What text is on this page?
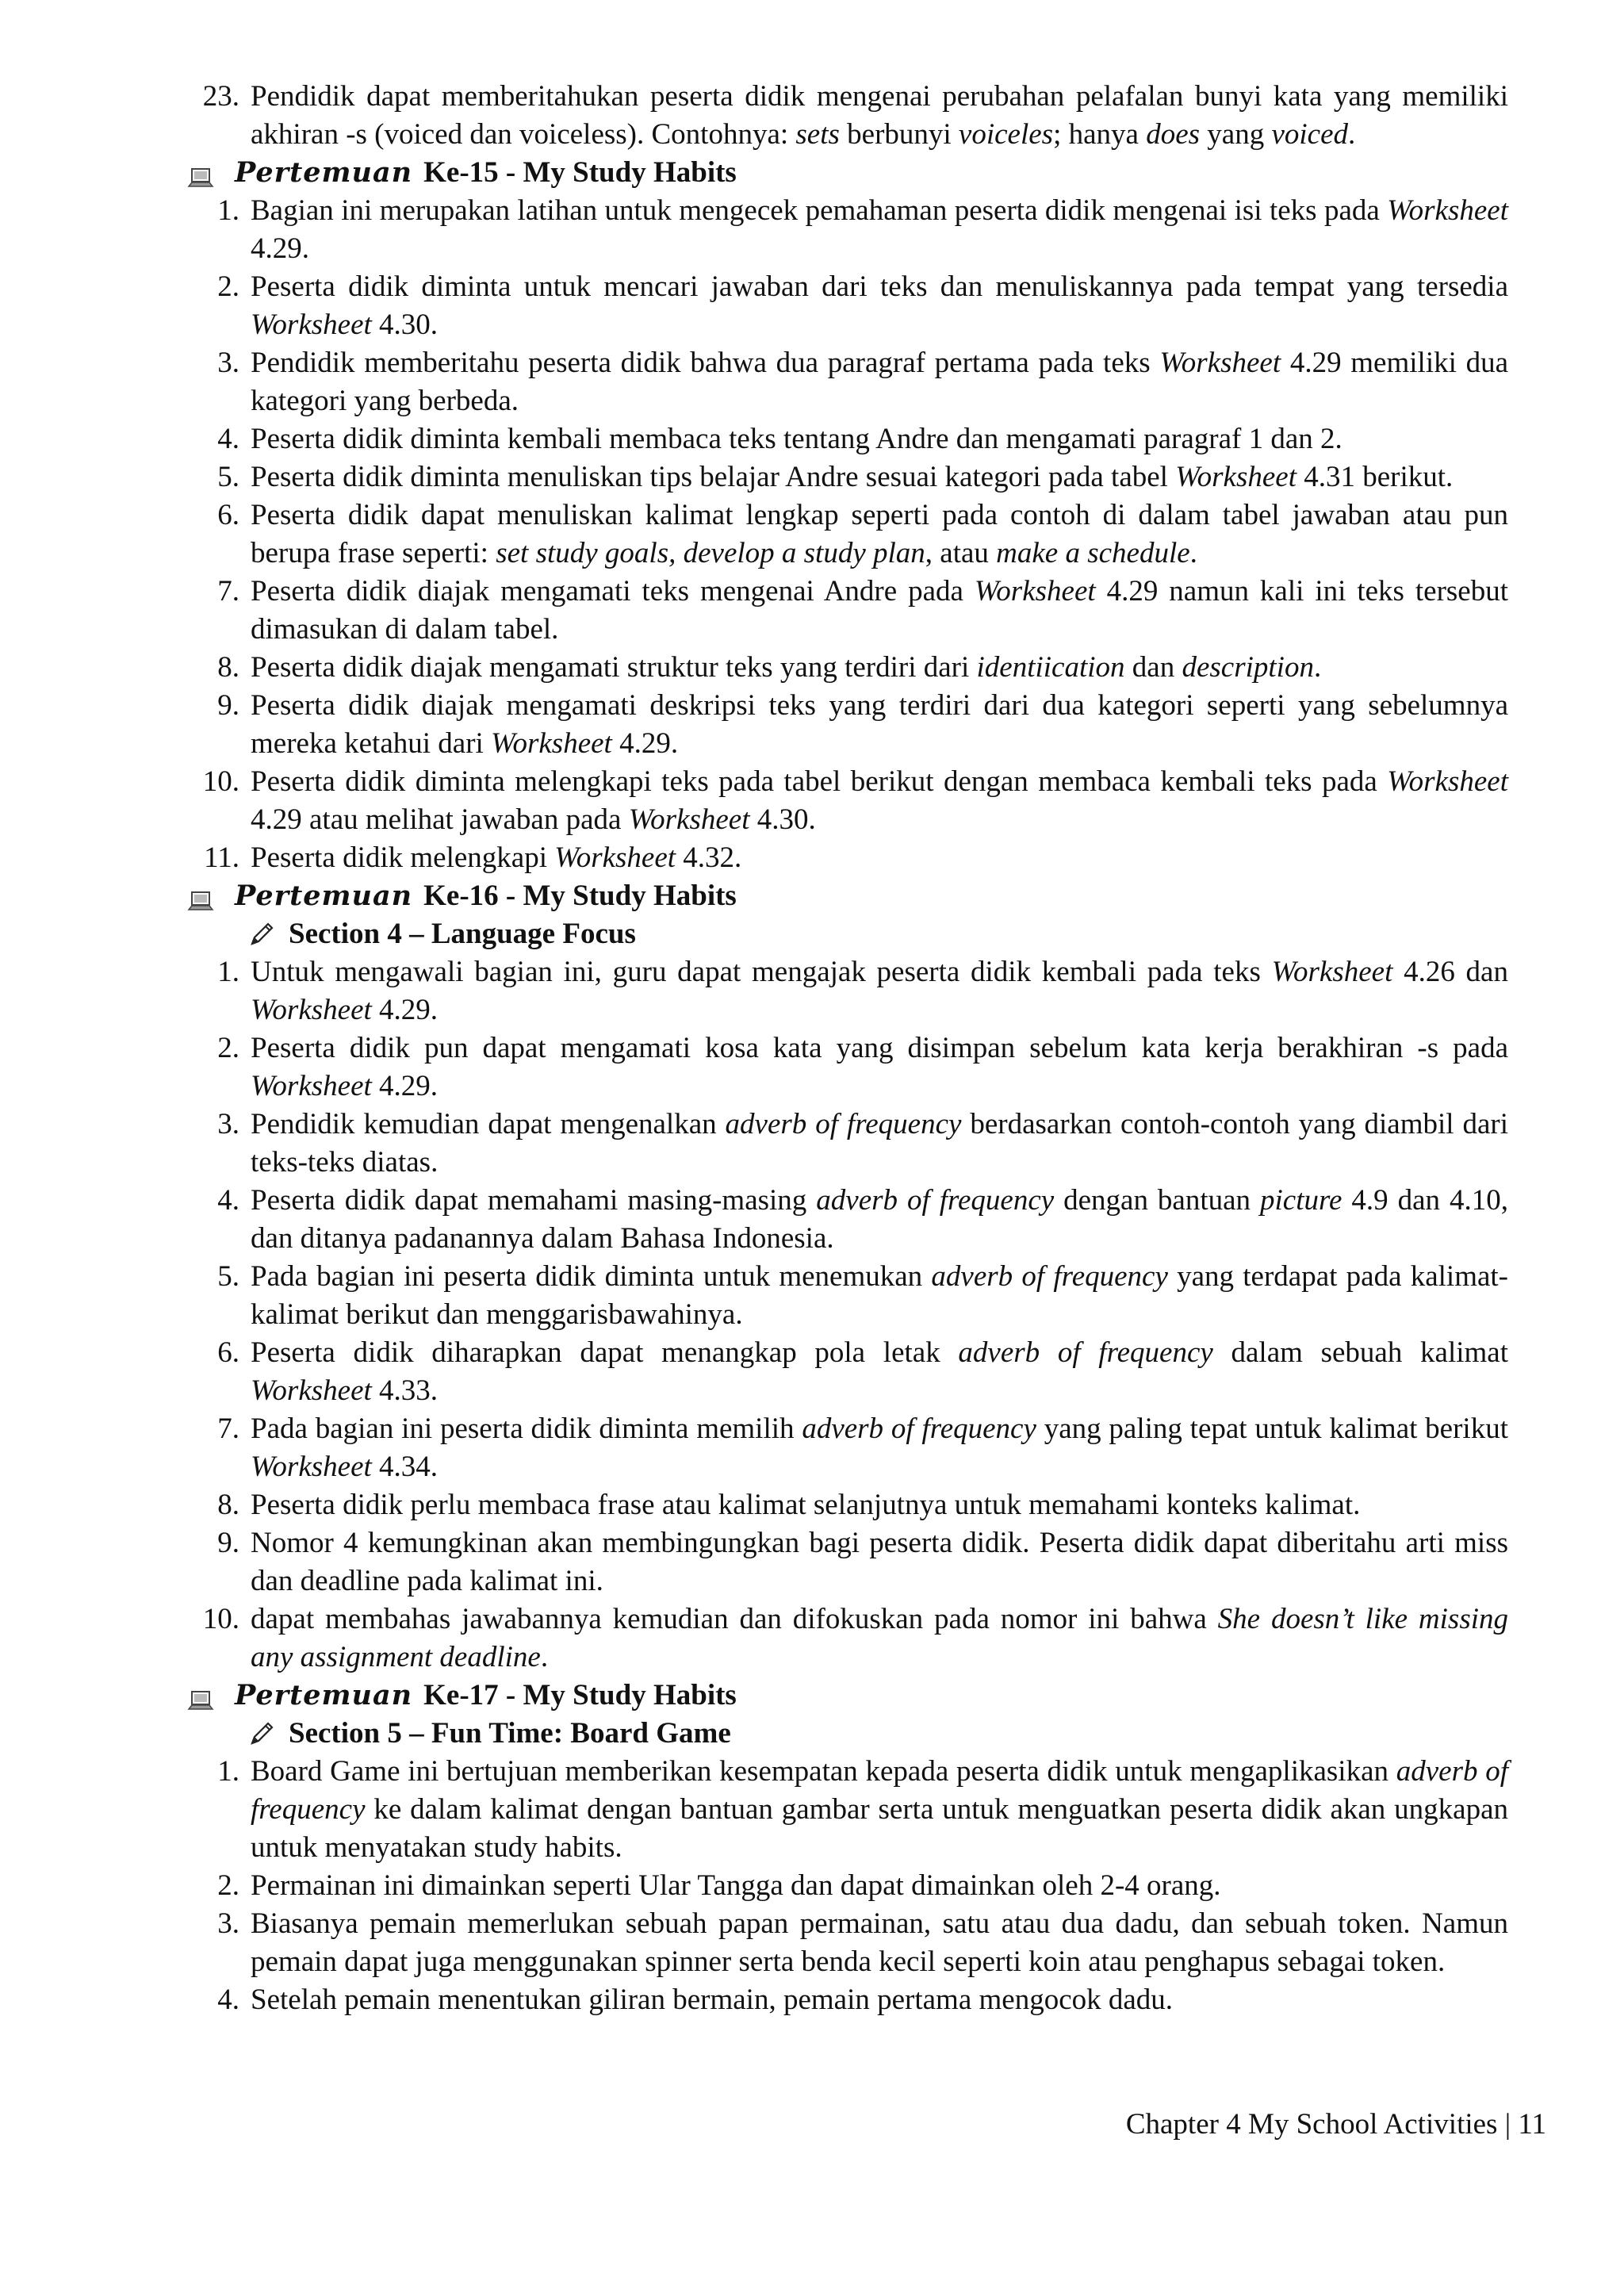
23. Pendidik dapat memberitahukan peserta didik mengenai perubahan pelafalan bunyi kata yang memiliki akhiran -s (voiced dan voiceless). Contohnya: sets berbunyi voiceles; hanya does yang voiced.
Pertemuan Ke-15 - My Study Habits
1. Bagian ini merupakan latihan untuk mengecek pemahaman peserta didik mengenai isi teks pada Worksheet 4.29.
2. Peserta didik diminta untuk mencari jawaban dari teks dan menuliskannya pada tempat yang tersedia Worksheet 4.30.
3. Pendidik memberitahu peserta didik bahwa dua paragraf pertama pada teks Worksheet 4.29 memiliki dua kategori yang berbeda.
4. Peserta didik diminta kembali membaca teks tentang Andre dan mengamati paragraf 1 dan 2.
5. Peserta didik diminta menuliskan tips belajar Andre sesuai kategori pada tabel Worksheet 4.31 berikut.
6. Peserta didik dapat menuliskan kalimat lengkap seperti pada contoh di dalam tabel jawaban atau pun berupa frase seperti: set study goals, develop a study plan, atau make a schedule.
7. Peserta didik diajak mengamati teks mengenai Andre pada Worksheet 4.29 namun kali ini teks tersebut dimasukan di dalam tabel.
8. Peserta didik diajak mengamati struktur teks yang terdiri dari identiication dan description.
9. Peserta didik diajak mengamati deskripsi teks yang terdiri dari dua kategori seperti yang sebelumnya mereka ketahui dari Worksheet 4.29.
10. Peserta didik diminta melengkapi teks pada tabel berikut dengan membaca kembali teks pada Worksheet 4.29 atau melihat jawaban pada Worksheet 4.30.
11. Peserta didik melengkapi Worksheet 4.32.
Pertemuan Ke-16 - My Study Habits
Section 4 – Language Focus
1. Untuk mengawali bagian ini, guru dapat mengajak peserta didik kembali pada teks Worksheet 4.26 dan Worksheet 4.29.
2. Peserta didik pun dapat mengamati kosa kata yang disimpan sebelum kata kerja berakhiran -s pada Worksheet 4.29.
3. Pendidik kemudian dapat mengenalkan adverb of frequency berdasarkan contoh-contoh yang diambil dari teks-teks diatas.
4. Peserta didik dapat memahami masing-masing adverb of frequency dengan bantuan picture 4.9 dan 4.10, dan ditanya padanannya dalam Bahasa Indonesia.
5. Pada bagian ini peserta didik diminta untuk menemukan adverb of frequency yang terdapat pada kalimat-kalimat berikut dan menggarisbawahinya.
6. Peserta didik diharapkan dapat menangkap pola letak adverb of frequency dalam sebuah kalimat Worksheet 4.33.
7. Pada bagian ini peserta didik diminta memilih adverb of frequency yang paling tepat untuk kalimat berikut Worksheet 4.34.
8. Peserta didik perlu membaca frase atau kalimat selanjutnya untuk memahami konteks kalimat.
9. Nomor 4 kemungkinan akan membingungkan bagi peserta didik. Peserta didik dapat diberitahu arti miss dan deadline pada kalimat ini.
10. dapat membahas jawabannya kemudian dan difokuskan pada nomor ini bahwa She doesn’t like missing any assignment deadline.
Pertemuan Ke-17 - My Study Habits
Section 5 – Fun Time: Board Game
1. Board Game ini bertujuan memberikan kesempatan kepada peserta didik untuk mengaplikasikan adverb of frequency ke dalam kalimat dengan bantuan gambar serta untuk menguatkan peserta didik akan ungkapan untuk menyatakan study habits.
2. Permainan ini dimainkan seperti Ular Tangga dan dapat dimainkan oleh 2-4 orang.
3. Biasanya pemain memerlukan sebuah papan permainan, satu atau dua dadu, dan sebuah token. Namun pemain dapat juga menggunakan spinner serta benda kecil seperti koin atau penghapus sebagai token.
4. Setelah pemain menentukan giliran bermain, pemain pertama mengocok dadu.
Chapter 4 My School Activities | 11
